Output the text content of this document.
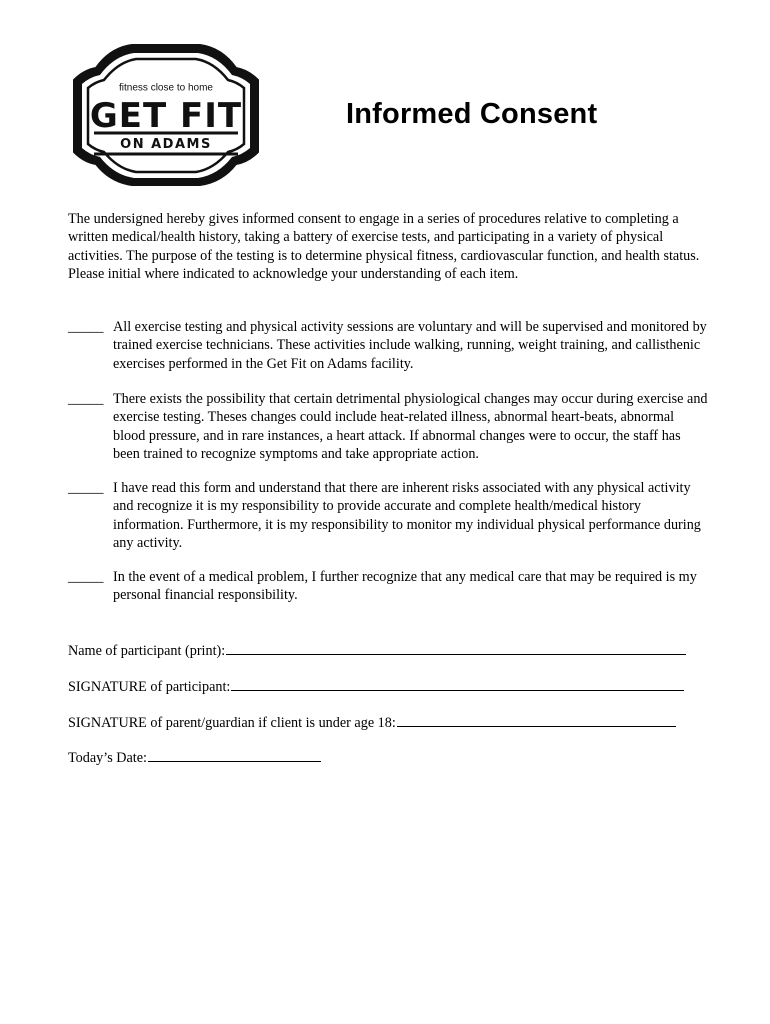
fitness close to home
GET FIT
ON ADAMS
Informed Consent
The undersigned hereby gives informed consent to engage in a series of procedures relative to completing a written medical/health history, taking a battery of exercise tests, and participating in a variety of physical activities. The purpose of the testing is to determine physical fitness, cardiovascular function, and health status. Please initial where indicated to acknowledge your understanding of each item.
_____ All exercise testing and physical activity sessions are voluntary and will be supervised and monitored by trained exercise technicians. These activities include walking, running, weight training, and callisthenic exercises performed in the Get Fit on Adams facility.
_____ There exists the possibility that certain detrimental physiological changes may occur during exercise and exercise testing. Theses changes could include heat-related illness, abnormal heart-beats, abnormal blood pressure, and in rare instances, a heart attack. If abnormal changes were to occur, the staff has been trained to recognize symptoms and take appropriate action.
_____ I have read this form and understand that there are inherent risks associated with any physical activity and recognize it is my responsibility to provide accurate and complete health/medical history information. Furthermore, it is my responsibility to monitor my individual physical performance during any activity.
_____ In the event of a medical problem, I further recognize that any medical care that may be required is my personal financial responsibility.
Name of participant (print):
SIGNATURE of participant:
SIGNATURE of parent/guardian if client is under age 18:
Today’s Date:
